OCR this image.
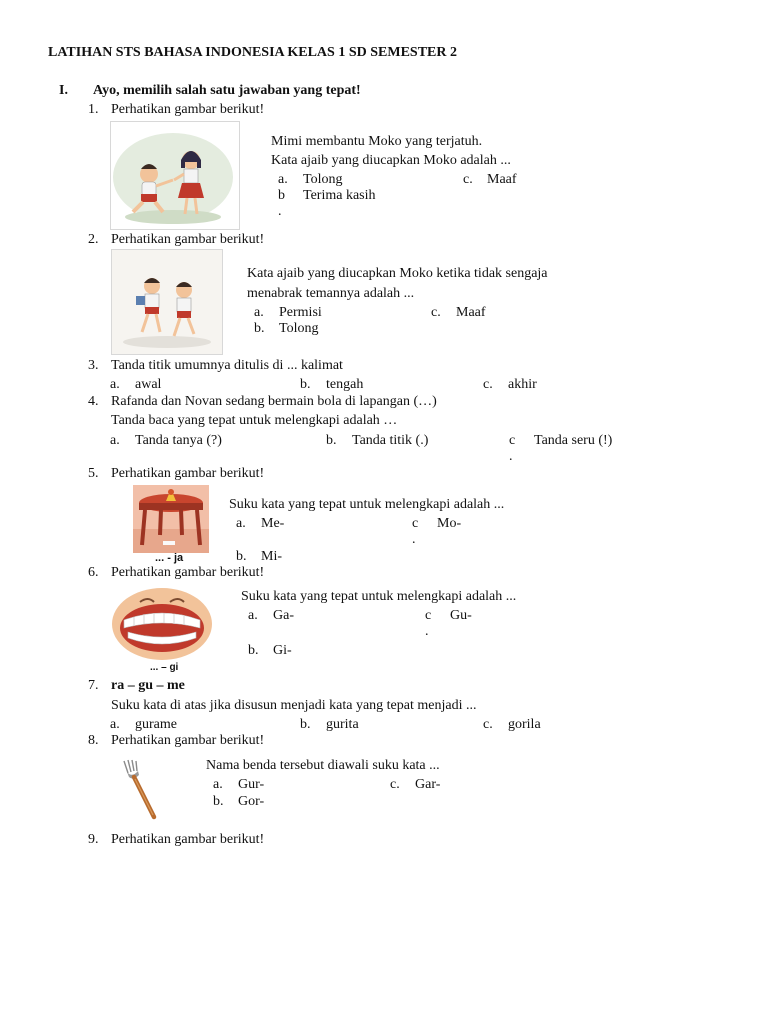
LATIHAN STS BAHASA INDONESIA KELAS 1 SD SEMESTER 2
I. Ayo, memilih salah satu jawaban yang tepat!
1. Perhatikan gambar berikut!
Mimi membantu Moko yang terjatuh.
Kata ajaib yang diucapkan Moko adalah ...
a. Tolong	c. Maaf
b Terima kasih
.
2. Perhatikan gambar berikut!
Kata ajaib yang diucapkan Moko ketika tidak sengaja
menabrak temannya adalah ...
a. Permisi	c. Maaf
b. Tolong
3. Tanda titik umumnya ditulis di ... kalimat
a. awal	b. tengah	c. akhir
4. Rafanda dan Novan sedang bermain bola di lapangan (…)
Tanda baca yang tepat untuk melengkapi adalah …
a. Tanda tanya (?)	b. Tanda titik (.)	c Tanda seru (!)
.
5. Perhatikan gambar berikut!
... - ja
Suku kata yang tepat untuk melengkapi adalah ...
a. Me-	c Mo-
.
b. Mi-
6. Perhatikan gambar berikut!
... – gi
Suku kata yang tepat untuk melengkapi adalah ...
a. Ga-	c Gu-
.
b. Gi-
7. ra – gu – me
Suku kata di atas jika disusun menjadi kata yang tepat menjadi ...
a. gurame	b. gurita	c. gorila
8. Perhatikan gambar berikut!
Nama benda tersebut diawali suku kata ...
a. Gur-	c. Gar-
b. Gor-
9. Perhatikan gambar berikut!
